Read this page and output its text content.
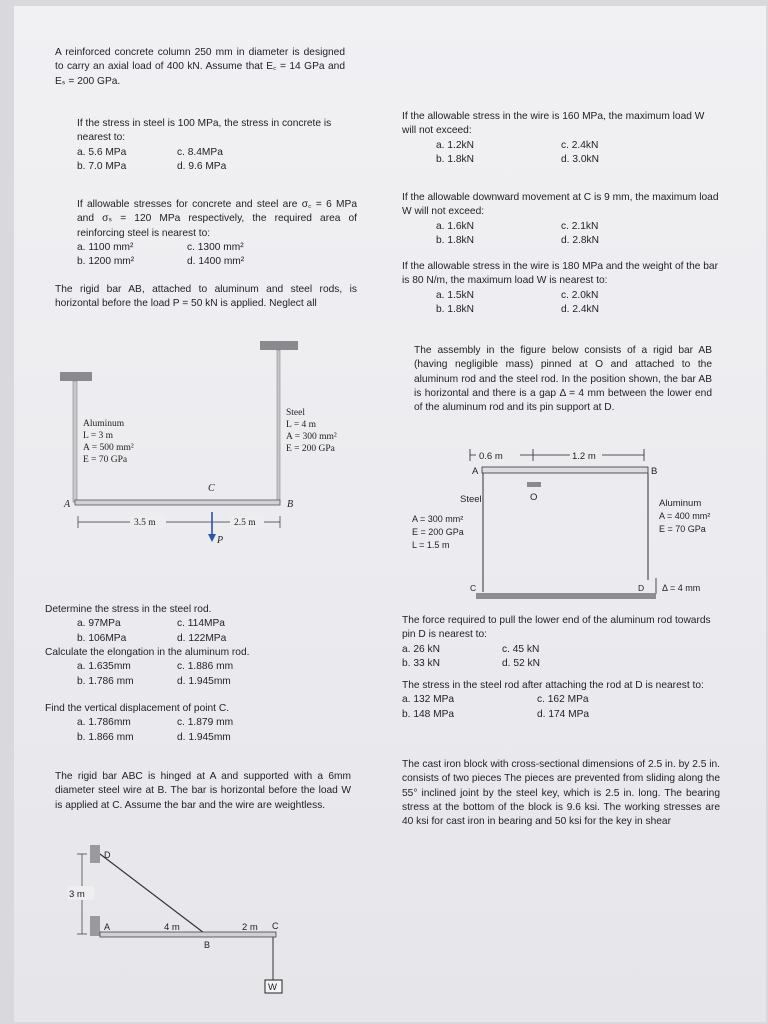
A reinforced concrete column 250 mm in diameter is designed to carry an axial load of 400 kN. Assume that E꜀ = 14 GPa and Eₛ = 200 GPa.

If the stress in steel is 100 MPa, the stress in concrete is nearest to:

a. 5.6 MPa	c. 8.4MPa
b. 7.0 MPa	d. 9.6 MPa

If allowable stresses for concrete and steel are σ꜀ = 6 MPa and σₛ = 120 MPa respectively, the required area of reinforcing steel is nearest to:

a. 1100 mm²	c. 1300 mm²
b. 1200 mm²	d. 1400 mm²

The rigid bar AB, attached to aluminum and steel rods, is horizontal before the load P = 50 kN is applied. Neglect all

Aluminum
L = 3 m
A = 500 mm²
E = 70 GPa
Steel
L = 4 m
A = 300 mm²
E = 200 GPa
A	B
C
3.5 m	2.5 m
P

Determine the stress in the steel rod.

a. 97MPa	c. 114MPa
b. 106MPa	d. 122MPa

Calculate the elongation in the aluminum rod.

a. 1.635mm	c. 1.886 mm
b. 1.786 mm	d. 1.945mm

Find the vertical displacement of point C.

a. 1.786mm	c. 1.879 mm
b. 1.866 mm	d. 1.945mm

The rigid bar ABC is hinged at A and supported with a 6mm diameter steel wire at B. The bar is horizontal before the load W is applied at C. Assume the bar and the wire are weightless.

3 m
D
A	4 m	2 m
B
C
W

If the allowable stress in the wire is 160 MPa, the maximum load W will not exceed:

a. 1.2kN	c. 2.4kN
b. 1.8kN	d. 3.0kN

If the allowable downward movement at C is 9 mm, the maximum load W will not exceed:

a. 1.6kN	c. 2.1kN
b. 1.8kN	d. 2.8kN

If the allowable stress in the wire is 180 MPa and the weight of the bar is 80 N/m, the maximum load W is nearest to:

a. 1.5kN	c. 2.0kN
b. 1.8kN	d. 2.4kN

The assembly in the figure below consists of a rigid bar AB (having negligible mass) pinned at O and attached to the aluminum rod and the steel rod. In the position shown, the bar AB is horizontal and there is a gap Δ = 4 mm between the lower end of the aluminum rod and its pin support at D.

0.6 m	1.2 m
A	B
O
Steel
A = 300 mm²
E = 200 GPa
L = 1.5 m
Aluminum
A = 400 mm²
E = 70 GPa
C	D Δ = 4 mm

The force required to pull the lower end of the aluminum rod towards pin D is nearest to:

a. 26 kN	c. 45 kN
b. 33 kN	d. 52 kN

The stress in the steel rod after attaching the rod at D is nearest to:

a. 132 MPa	c. 162 MPa
b. 148 MPa	d. 174 MPa

The cast iron block with cross-sectional dimensions of 2.5 in. by 2.5 in. consists of two pieces The pieces are prevented from sliding along the 55° inclined joint by the steel key, which is 2.5 in. long. The bearing stress at the bottom of the block is 9.6 ksi. The working stresses are 40 ksi for cast iron in bearing and 50 ksi for the key in shear
